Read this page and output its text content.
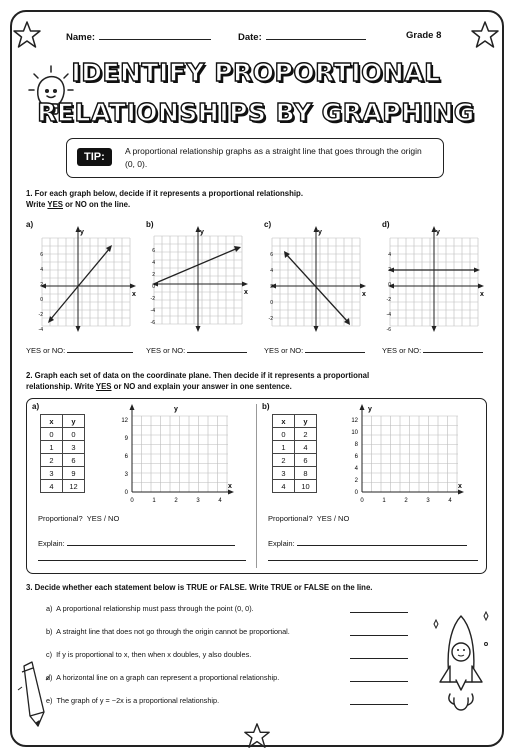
Name:	Date:	Grade 8
IDENTIFY PROPORTIONAL
RELATIONSHIPS BY GRAPHING
TIP:	A proportional relationship graphs as a straight line that goes through the origin (0, 0).
1. For each graph below, decide if it represents a proportional relationship.
Write YES or NO on the line.
a)
y
x
6
4
2
0
-2
-4
YES or NO:
b)
y
x
6
4
2
0
-2
-4
-6
YES or NO:
c)
y
x
6
4
2
0
-2
YES or NO:
d)
y
x
4
2
0
-2
-4
-6
YES or NO:
2. Graph each set of data on the coordinate plane. Then decide if it represents a proportional
relationship. Write YES or NO and explain your answer in one sentence.
a)
x	y
0	0
1	3
2	6
3	9
4	12
y
x
12
9
6
3
0
0	1	2	3	4
Proportional? YES / NO
Explain:
b)
x	y
0	2
1	4
2	6
3	8
4	10
y
x
12
10
8
6
4
2
0
0	1	2	3	4
Proportional? YES / NO
Explain:
3. Decide whether each statement below is TRUE or FALSE. Write TRUE or FALSE on the line.
a) A proportional relationship must pass through the point (0, 0).
b) A straight line that does not go through the origin cannot be proportional.
c) If y is proportional to x, then when x doubles, y also doubles.
d) A horizontal line on a graph can represent a proportional relationship.
e) The graph of y = −2x is a proportional relationship.
